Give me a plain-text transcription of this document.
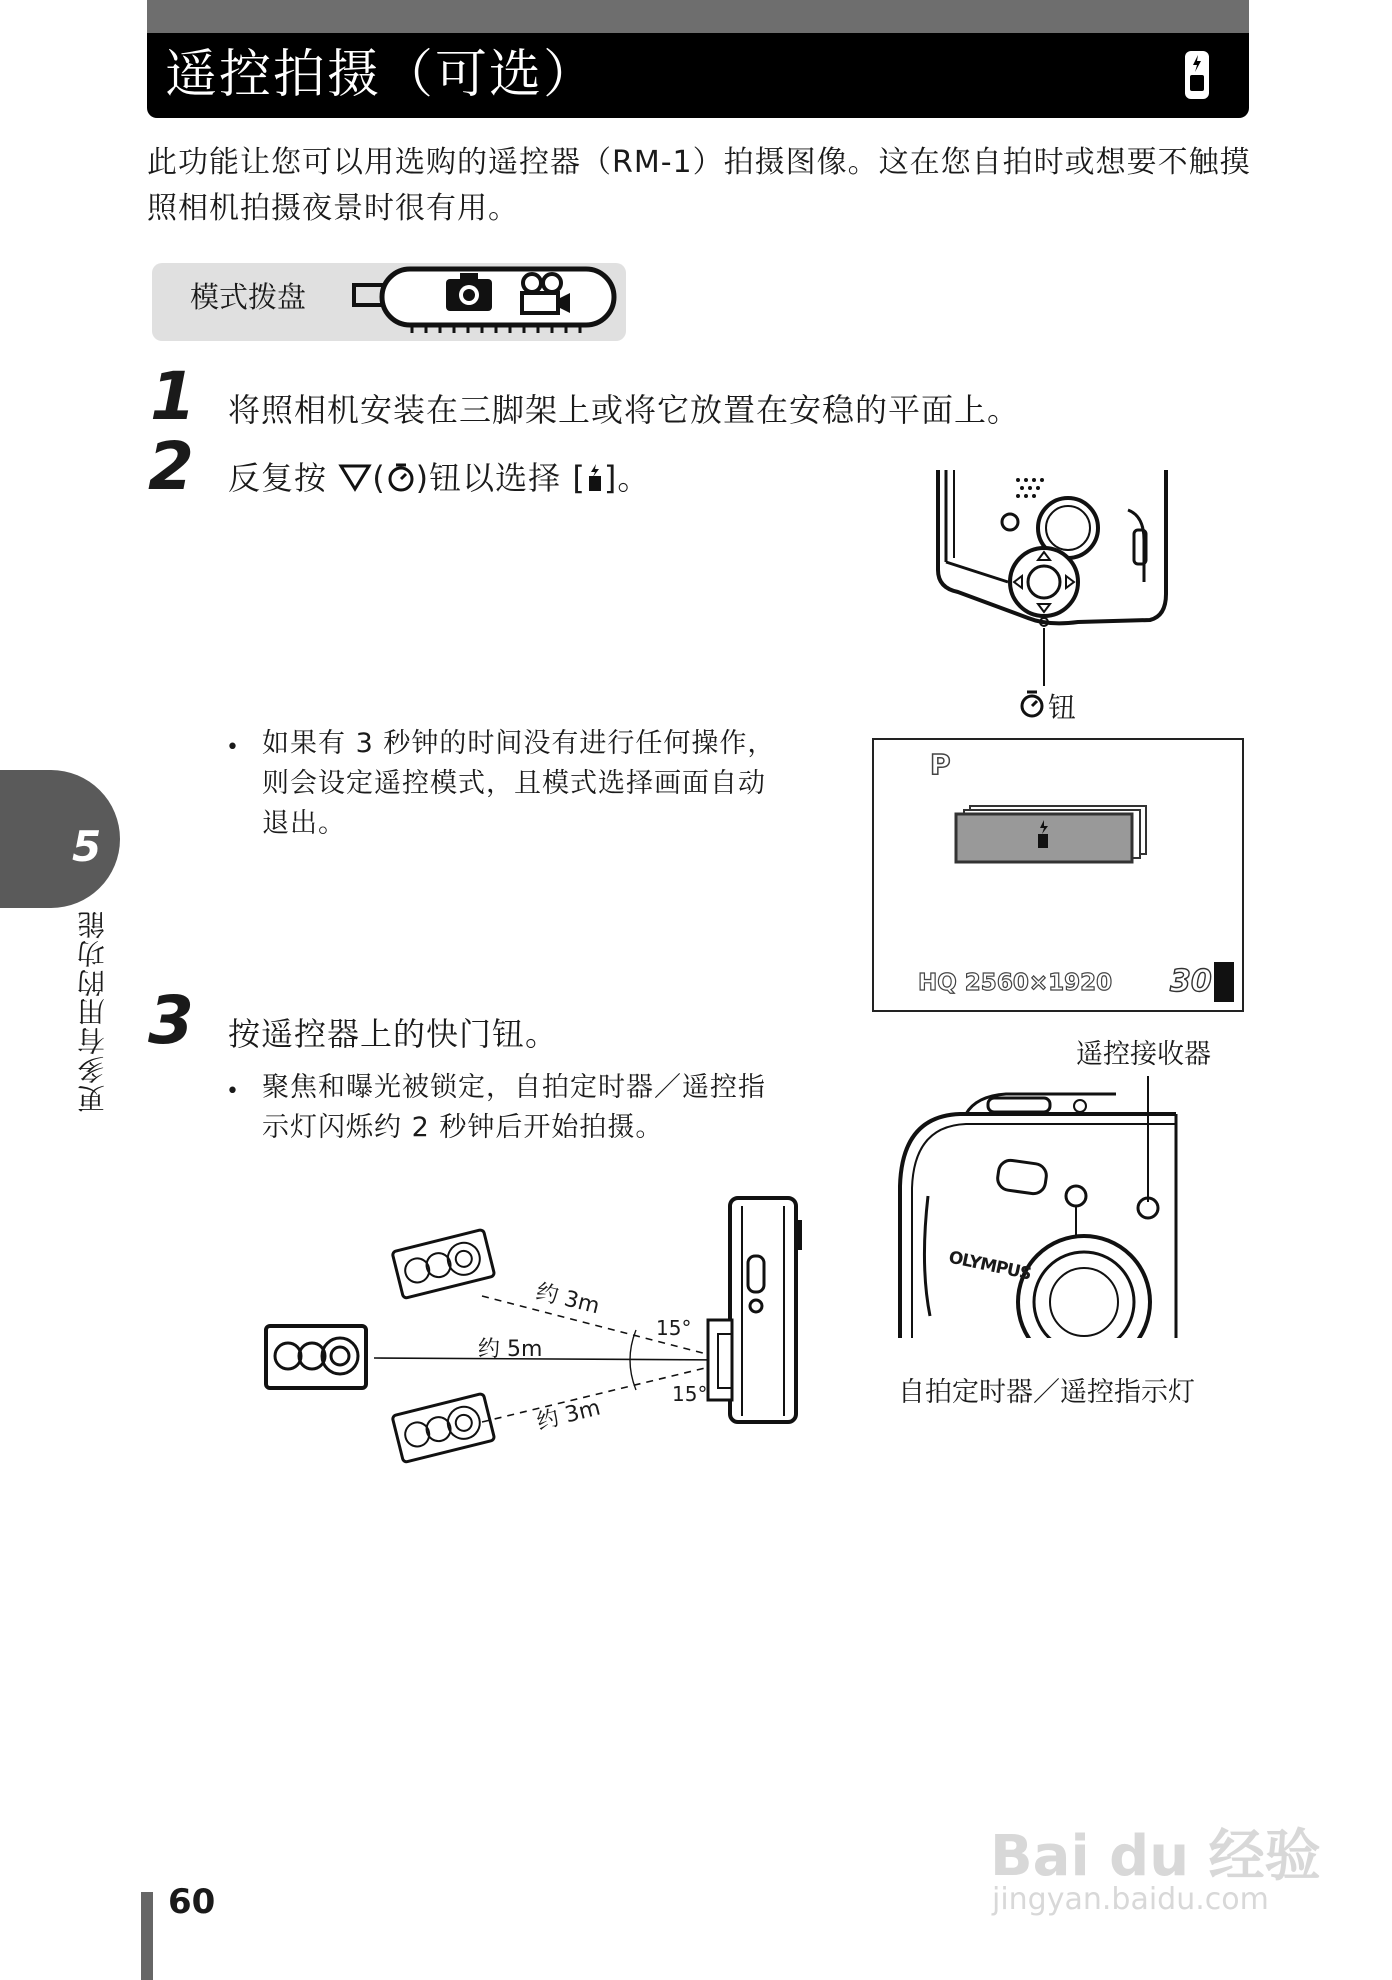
遥控拍摄（可选）
此功能让您可以用选购的遥控器（RM-1）拍摄图像。这在您自拍时或想要不触摸照相机拍摄夜景时很有用。
模式拨盘
1 将照相机安装在三脚架上或将它放置在安稳的平面上。
2 反复按 ( )钮以选择 [ ]。
• 如果有 3 秒钟的时间没有进行任何操作，则会设定遥控模式，且模式选择画面自动退出。
钮
P
HQ 2560×1920 30
3 按遥控器上的快门钮。
• 聚焦和曝光被锁定，自拍定时器／遥控指示灯闪烁约 2 秒钟后开始拍摄。
约 3m
约 5m
约 3m
15°
15°
遥控接收器
OLYMPUS
自拍定时器／遥控指示灯
5
更多有用的功能
60
Bai du 经验
jingyan.baidu.com
